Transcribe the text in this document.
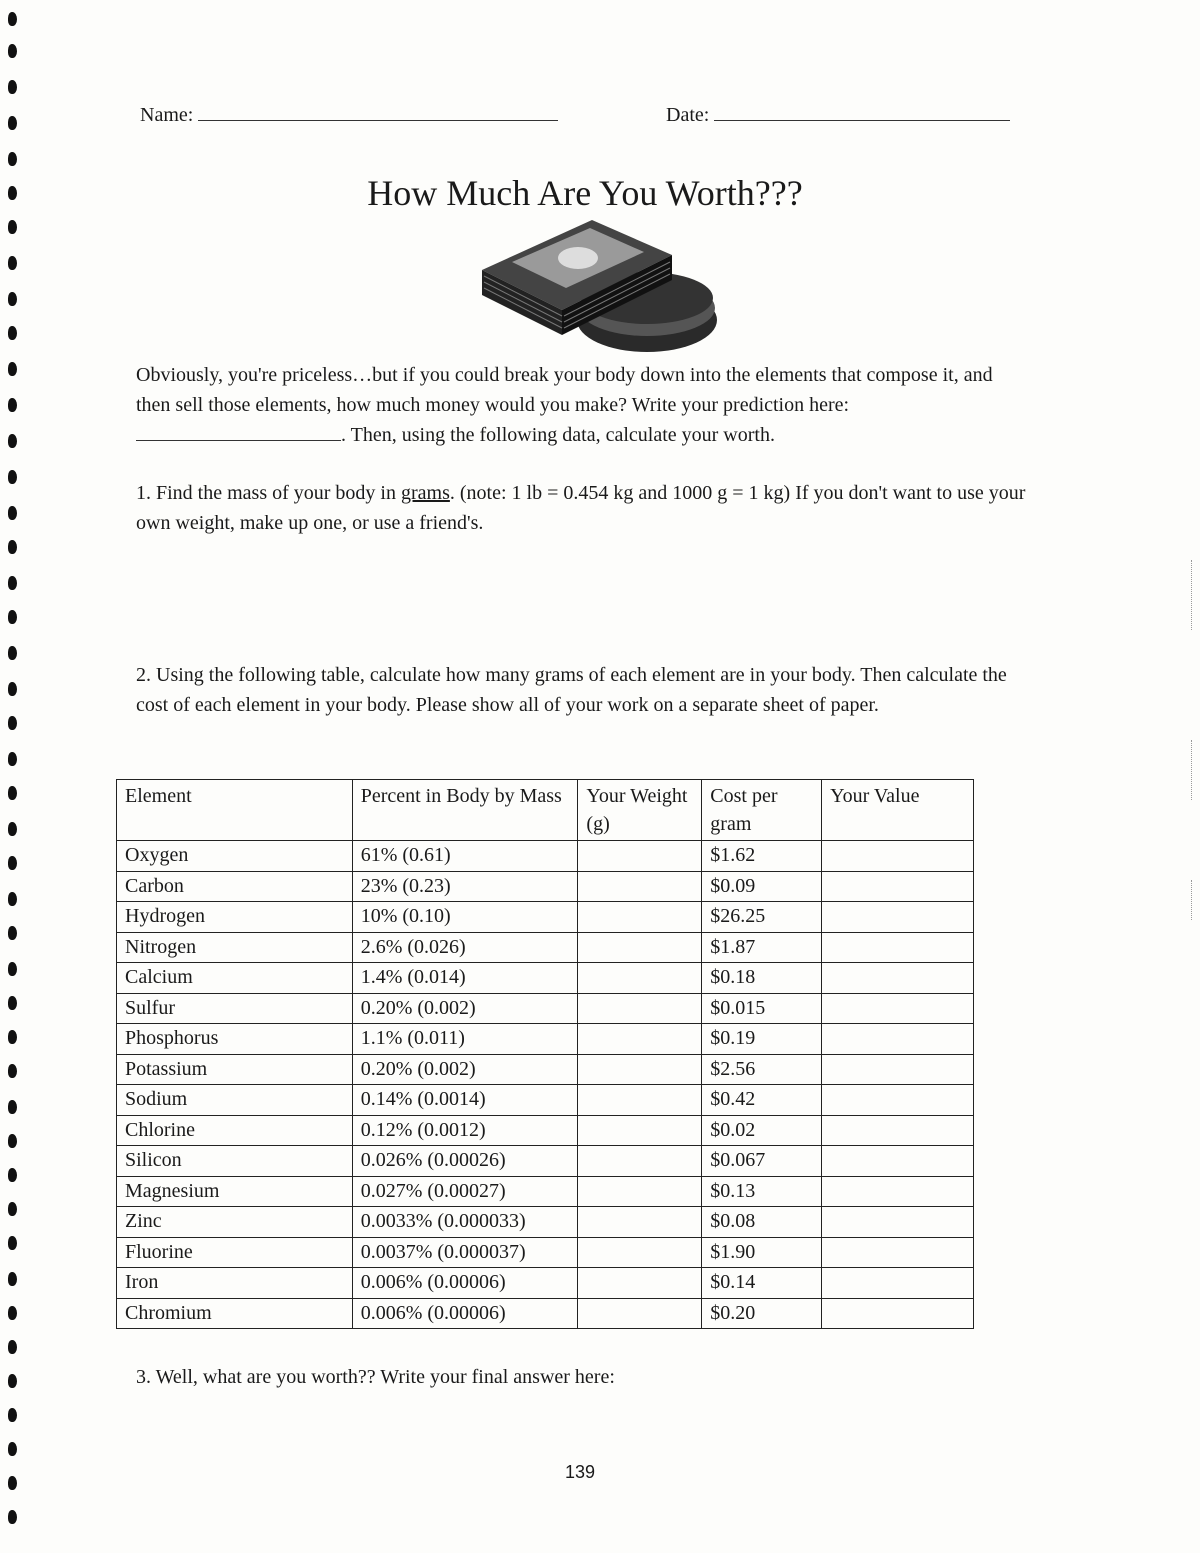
Name:	Date:
How Much Are You Worth???
Obviously, you're priceless…but if you could break your body down into the elements that compose it, and then sell those elements, how much money would you make? Write your prediction here: . Then, using the following data, calculate your worth.
1. Find the mass of your body in grams. (note: 1 lb = 0.454 kg and 1000 g = 1 kg) If you don't want to use your own weight, make up one, or use a friend's.
2. Using the following table, calculate how many grams of each element are in your body. Then calculate the cost of each element in your body. Please show all of your work on a separate sheet of paper.
Element	Percent in Body by Mass	Your Weight (g)	Cost per gram	Your Value
Oxygen	61% (0.61)		$1.62	
Carbon	23% (0.23)		$0.09	
Hydrogen	10% (0.10)		$26.25	
Nitrogen	2.6% (0.026)		$1.87	
Calcium	1.4% (0.014)		$0.18	
Sulfur	0.20% (0.002)		$0.015	
Phosphorus	1.1% (0.011)		$0.19	
Potassium	0.20% (0.002)		$2.56	
Sodium	0.14% (0.0014)		$0.42	
Chlorine	0.12% (0.0012)		$0.02	
Silicon	0.026% (0.00026)		$0.067	
Magnesium	0.027% (0.00027)		$0.13	
Zinc	0.0033% (0.000033)		$0.08	
Fluorine	0.0037% (0.000037)		$1.90	
Iron	0.006% (0.00006)		$0.14	
Chromium	0.006% (0.00006)		$0.20	
3. Well, what are you worth?? Write your final answer here:
139
